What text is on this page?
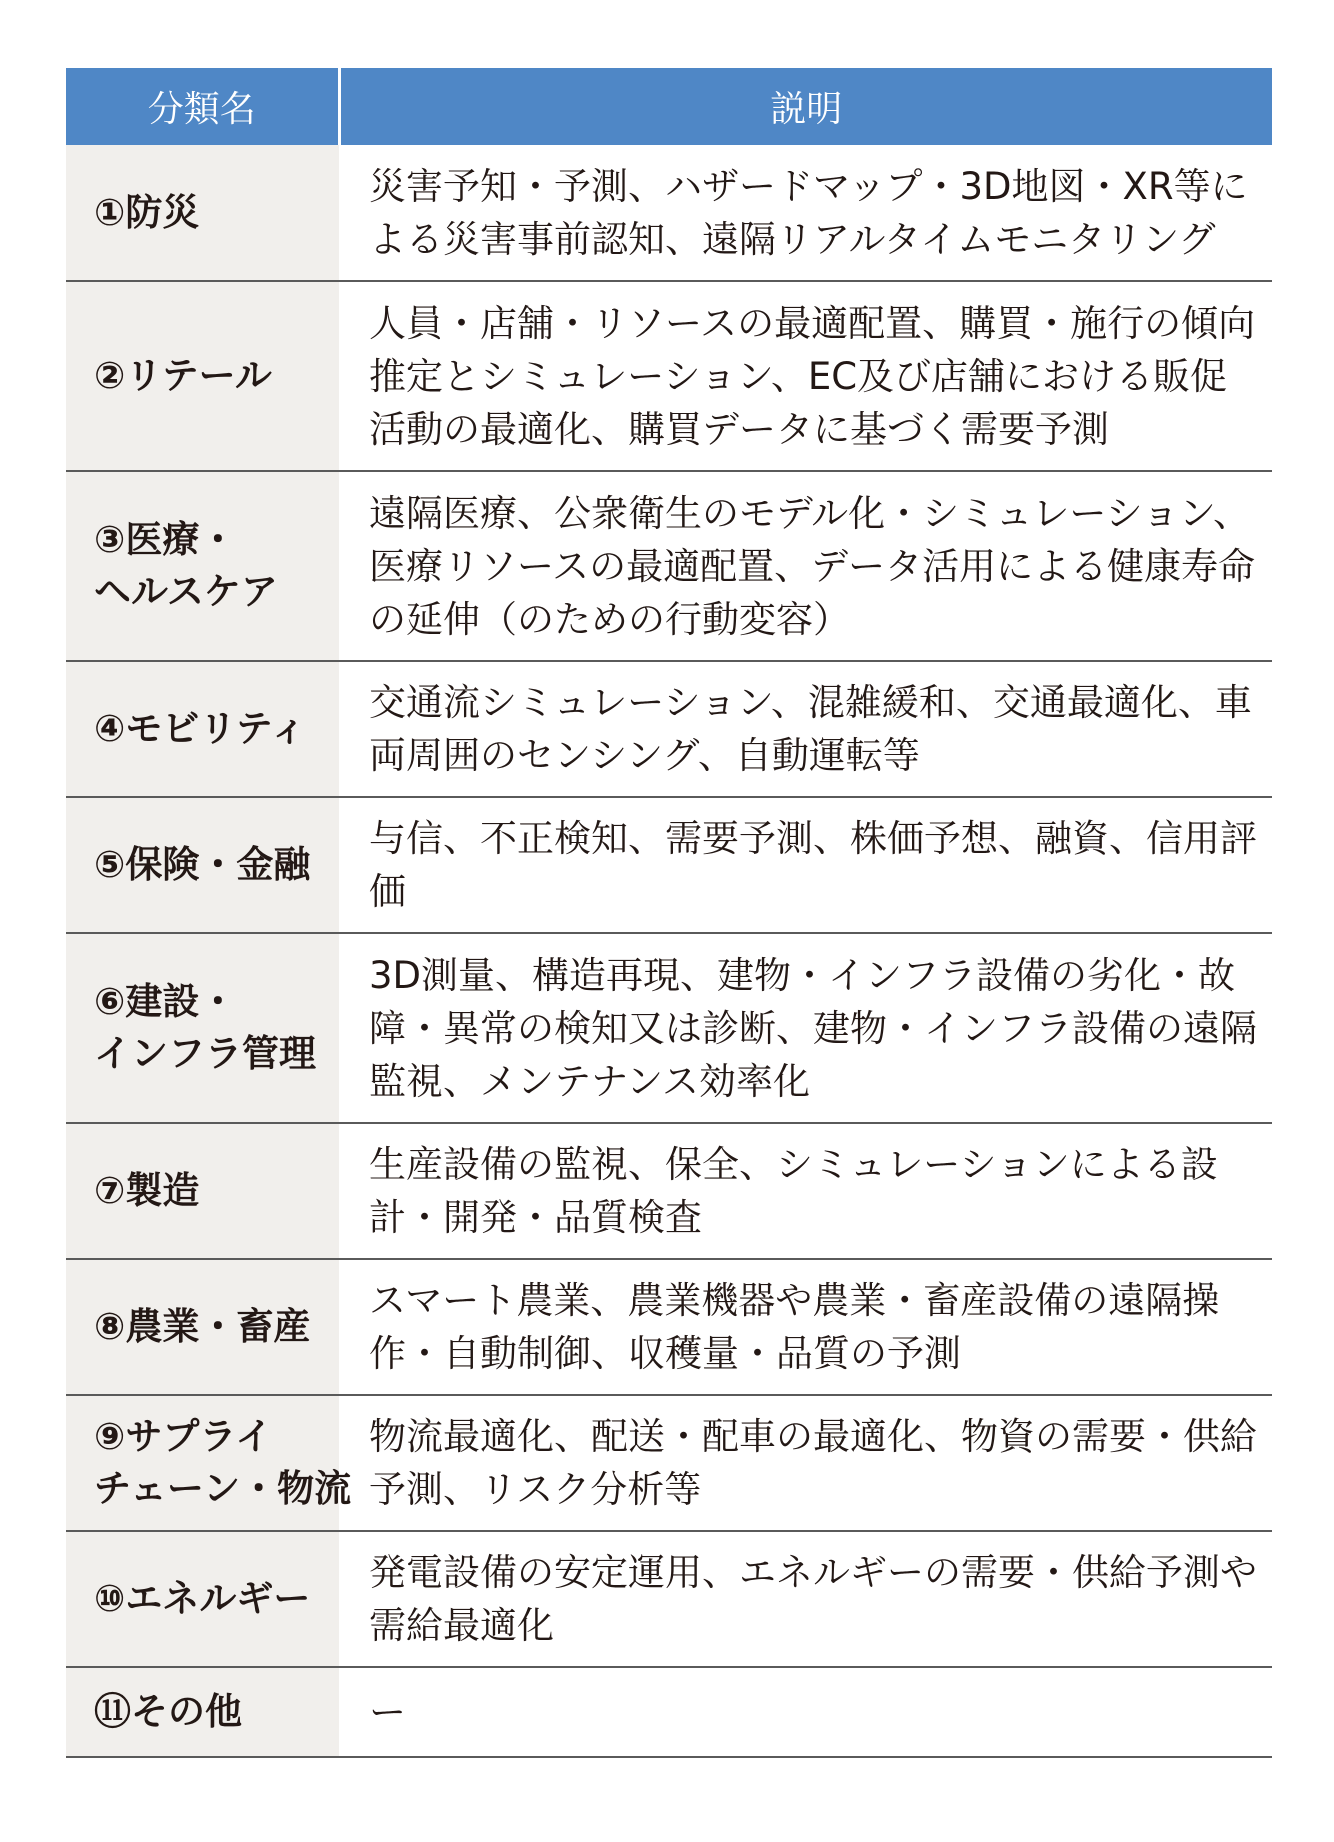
分類名	説明

①防災	災害予知・予測、ハザードマップ・3D地図・XR等による災害事前認知、遠隔リアルタイムモニタリング

②リテール	人員・店舗・リソースの最適配置、購買・施行の傾向推定とシミュレーション、EC及び店舗における販促活動の最適化、購買データに基づく需要予測

③医療・
ヘルスケア	遠隔医療、公衆衛生のモデル化・シミュレーション、医療リソースの最適配置、データ活用による健康寿命の延伸（のための行動変容）

④モビリティ	交通流シミュレーション、混雑緩和、交通最適化、車両周囲のセンシング、自動運転等

⑤保険・金融	与信、不正検知、需要予測、株価予想、融資、信用評価

⑥建設・
インフラ管理	3D測量、構造再現、建物・インフラ設備の劣化・故障・異常の検知又は診断、建物・インフラ設備の遠隔監視、メンテナンス効率化

⑦製造	生産設備の監視、保全、シミュレーションによる設計・開発・品質検査

⑧農業・畜産	スマート農業、農業機器や農業・畜産設備の遠隔操作・自動制御、収穫量・品質の予測

⑨サプライ
チェーン・物流	物流最適化、配送・配車の最適化、物資の需要・供給予測、リスク分析等

⑩エネルギー	発電設備の安定運用、エネルギーの需要・供給予測や需給最適化

⑪その他	ー
